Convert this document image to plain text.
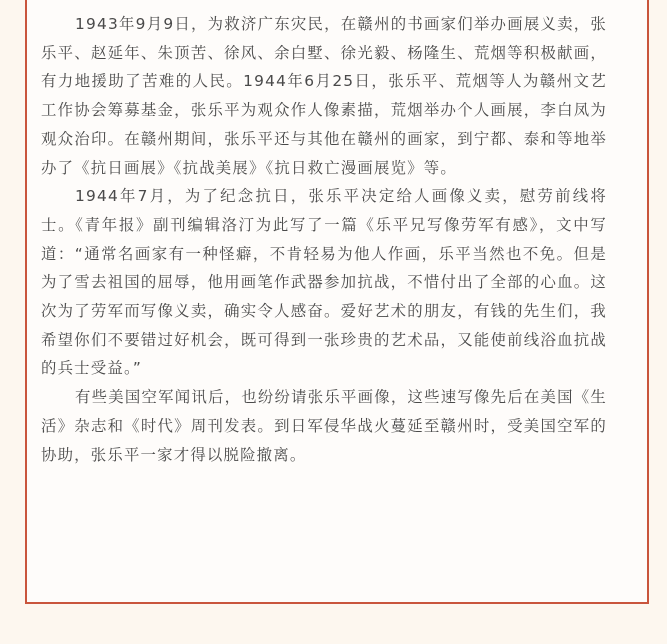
1943年9月9日，为救济广东灾民，在赣州的书画家们举办画展义卖，张乐平、赵延年、朱顶苦、徐风、余白墅、徐光毅、杨隆生、荒烟等积极献画，有力地援助了苦难的人民。1944年6月25日，张乐平、荒烟等人为赣州文艺工作协会筹募基金，张乐平为观众作人像素描，荒烟举办个人画展，李白凤为观众治印。在赣州期间，张乐平还与其他在赣州的画家，到宁都、泰和等地举办了《抗日画展》《抗战美展》《抗日救亡漫画展览》等。

1944年7月，为了纪念抗日，张乐平决定给人画像义卖，慰劳前线将士。《青年报》副刊编辑洛汀为此写了一篇《乐平兄写像劳军有感》，文中写道：“通常名画家有一种怪癖，不肯轻易为他人作画，乐平当然也不免。但是为了雪去祖国的屈辱，他用画笔作武器参加抗战，不惜付出了全部的心血。这次为了劳军而写像义卖，确实令人感奋。爱好艺术的朋友，有钱的先生们，我希望你们不要错过好机会，既可得到一张珍贵的艺术品，又能使前线浴血抗战的兵士受益。”

有些美国空军闻讯后，也纷纷请张乐平画像，这些速写像先后在美国《生活》杂志和《时代》周刊发表。到日军侵华战火蔓延至赣州时，受美国空军的协助，张乐平一家才得以脱险撤离。
